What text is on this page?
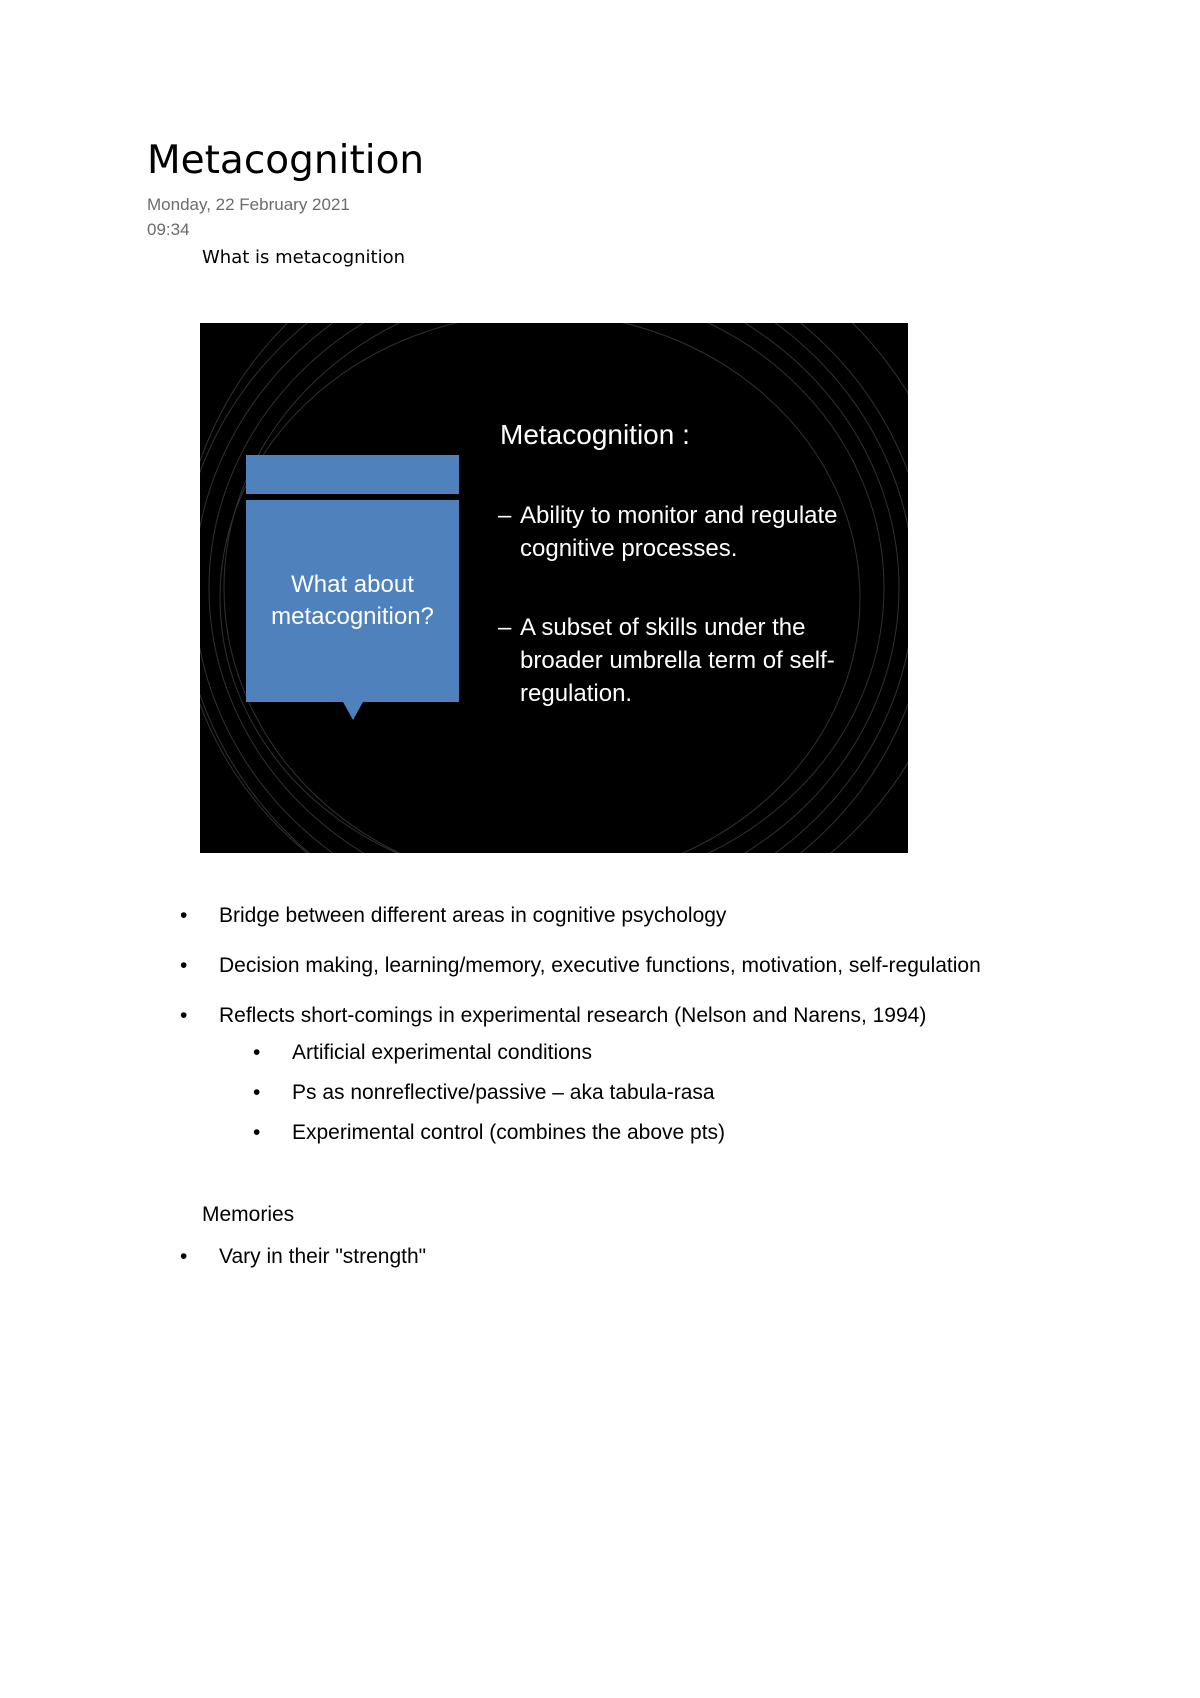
Metacognition
Monday, 22 February 2021
09:34
What is metacognition
What about
metacognition?
Metacognition :
– Ability to monitor and regulate cognitive processes.
– A subset of skills under the broader umbrella term of self-regulation.
• Bridge between different areas in cognitive psychology
• Decision making, learning/memory, executive functions, motivation, self-regulation
• Reflects short-comings in experimental research (Nelson and Narens, 1994)
• Artificial experimental conditions
• Ps as nonreflective/passive – aka tabula-rasa
• Experimental control (combines the above pts)
Memories
• Vary in their "strength"
